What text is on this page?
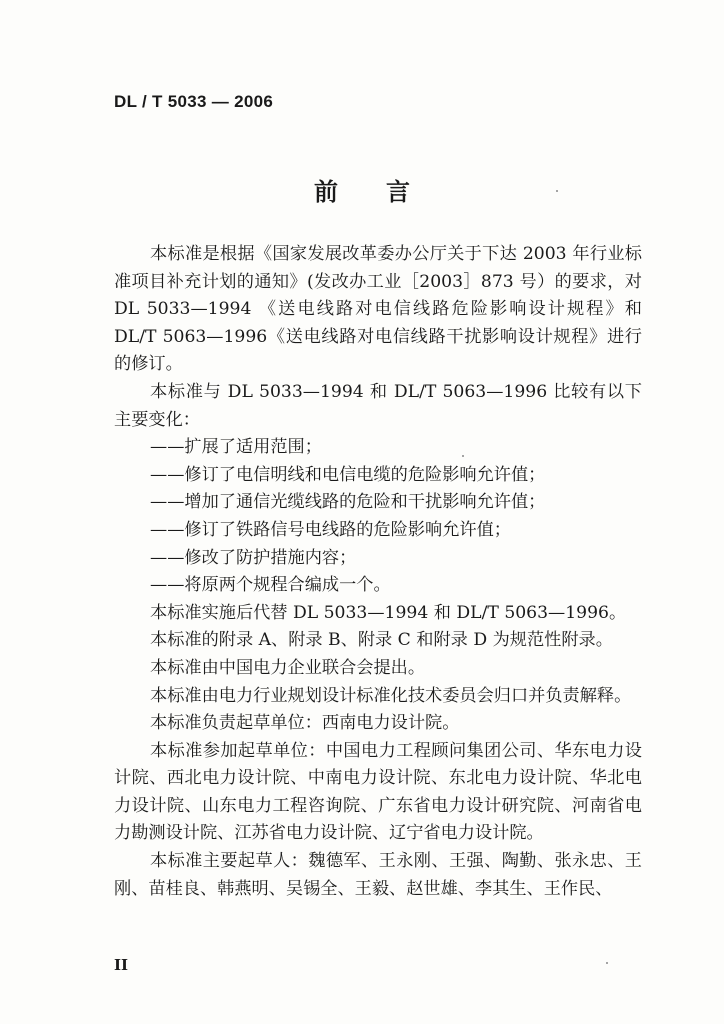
DL / T 5033 — 2006
前言

本标准是根据《国家发展改革委办公厅关于下达 2003 年行业标准项目补充计划的通知》(发改办工业［2003］873 号）的要求，对 DL 5033—1994 《送电线路对电信线路危险影响设计规程》和 DL/T 5063—1996《送电线路对电信线路干扰影响设计规程》进行的修订。

本标准与 DL 5033—1994 和 DL/T 5063—1996 比较有以下主要变化：

——扩展了适用范围；

——修订了电信明线和电信电缆的危险影响允许值；

——增加了通信光缆线路的危险和干扰影响允许值；

——修订了铁路信号电线路的危险影响允许值；

——修改了防护措施内容；

——将原两个规程合编成一个。

本标准实施后代替 DL 5033—1994 和 DL/T 5063—1996。

本标准的附录 A、附录 B、附录 C 和附录 D 为规范性附录。

本标准由中国电力企业联合会提出。

本标准由电力行业规划设计标准化技术委员会归口并负责解释。

本标准负责起草单位：西南电力设计院。

本标准参加起草单位：中国电力工程顾问集团公司、华东电力设计院、西北电力设计院、中南电力设计院、东北电力设计院、华北电力设计院、山东电力工程咨询院、广东省电力设计研究院、河南省电力勘测设计院、江苏省电力设计院、辽宁省电力设计院。

本标准主要起草人：魏德军、王永刚、王强、陶勤、张永忠、王刚、苗桂良、韩燕明、吴锡全、王毅、赵世雄、李其生、王作民、

II
